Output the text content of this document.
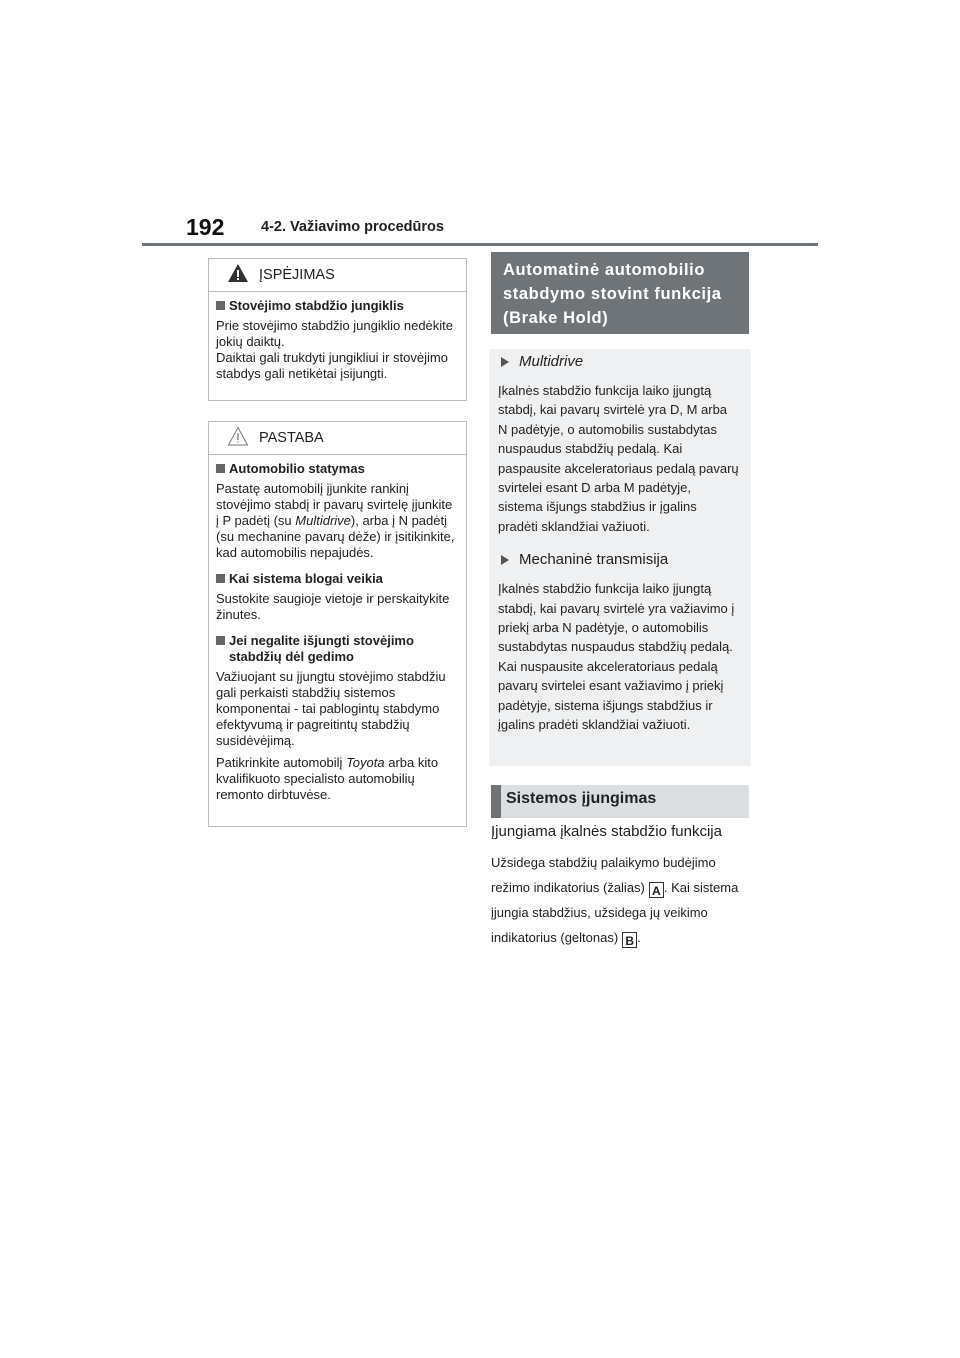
192	4-2. Važiavimo procedūros
ĮSPĖJIMAS
Stovėjimo stabdžio jungiklis

Prie stovėjimo stabdžio jungiklio nedėkite jokių daiktų.

Daiktai gali trukdyti jungikliui ir stovėjimo stabdys gali netikėtai įsijungti.

PASTABA
Automobilio statymas

Pastatę automobilį įjunkite rankinį stovėjimo stabdį ir pavarų svirtelę įjunkite į P padėtį (su Multidrive), arba į N padėtį (su mechanine pavarų dėže) ir įsitikinkite, kad automobilis nepajudės.

Kai sistema blogai veikia

Sustokite saugioje vietoje ir perskaitykite žinutes.

Jei negalite išjungti stovėjimo stabdžių dėl gedimo

Važiuojant su įjungtu stovėjimo stabdžiu gali perkaisti stabdžių sistemos komponentai - tai pablogintų stabdymo efektyvumą ir pagreitintų stabdžių susidėvėjimą.

Patikrinkite automobilį Toyota arba kito kvalifikuoto specialisto automobilių remonto dirbtuvėse.

Automatinė automobilio stabdymo stovint funkcija (Brake Hold)
Multidrive

Įkalnės stabdžio funkcija laiko įjungtą stabdį, kai pavarų svirtelė yra D, M arba N padėtyje, o automobilis sustabdytas nuspaudus stabdžių pedalą. Kai paspausite akceleratoriaus pedalą pavarų svirtelei esant D arba M padėtyje, sistema išjungs stabdžius ir įgalins pradėti sklandžiai važiuoti.

Mechaninė transmisija

Įkalnės stabdžio funkcija laiko įjungtą stabdį, kai pavarų svirtelė yra važiavimo į priekį arba N padėtyje, o automobilis sustabdytas nuspaudus stabdžių pedalą. Kai nuspausite akceleratoriaus pedalą pavarų svirtelei esant važiavimo į priekį padėtyje, sistema išjungs stabdžius ir įgalins pradėti sklandžiai važiuoti.

Sistemos įjungimas
Įjungiama įkalnės stabdžio funkcija
Užsidega stabdžių palaikymo budėjimo režimo indikatorius (žalias) A . Kai sistema įjungia stabdžius, užsidega jų veikimo indikatorius (geltonas) B .
